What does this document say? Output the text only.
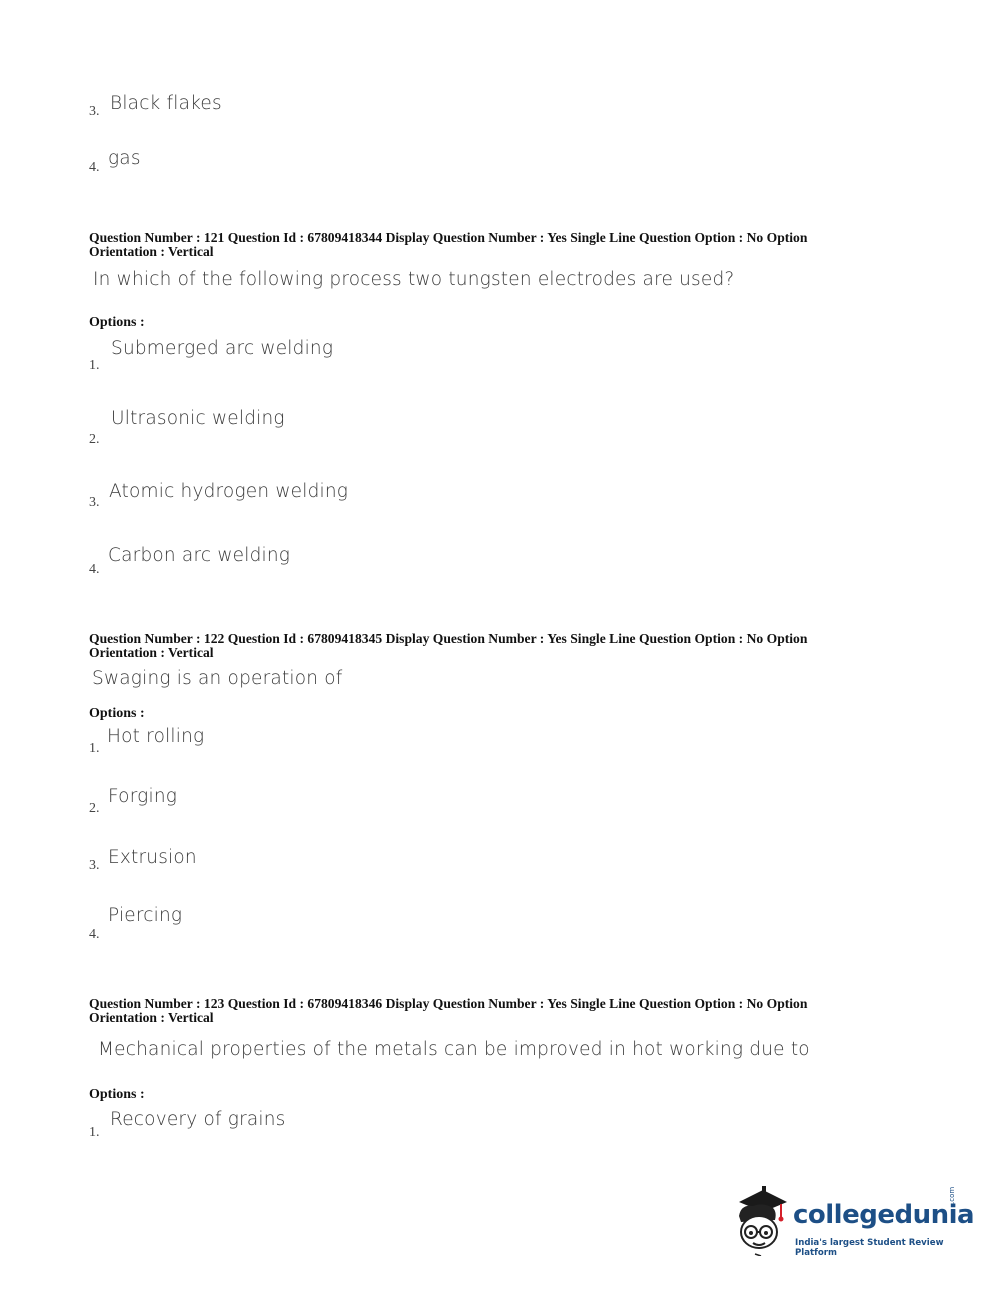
3. Black flakes
4. gas
Question Number : 121 Question Id : 67809418344 Display Question Number : Yes Single Line Question Option : No Option
Orientation : Vertical
In which of the following process two tungsten electrodes are used?
Options :
1.
Submerged arc welding
2.
Ultrasonic welding
3.
Atomic hydrogen welding
4.
Carbon arc welding
Question Number : 122 Question Id : 67809418345 Display Question Number : Yes Single Line Question Option : No Option
Orientation : Vertical
Swaging is an operation of
Options :
1.
Hot rolling
2.
Forging
3. Extrusion
4.
Piercing
Question Number : 123 Question Id : 67809418346 Display Question Number : Yes Single Line Question Option : No Option
Orientation : Vertical
Mechanical properties of the metals can be improved in hot working due to
Options :
1.
Recovery of grains
collegedunia
.com
India's largest Student Review Platform
